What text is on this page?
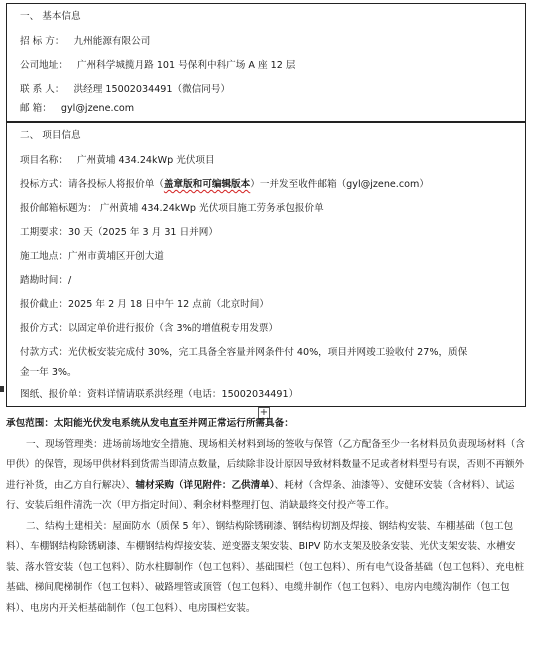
一、 基本信息
招 标 方： 九州能源有限公司
公司地址： 广州科学城揽月路 101 号保利中科广场 A 座 12 层
联 系 人： 洪经理 15002034491（微信同号）
邮 箱： gyl@jzene.com
二、 项目信息
项目名称： 广州黄埔 434.24kWp 光伏项目
投标方式：请各投标人将报价单（盖章版和可编辑版本）一并发至收件邮箱（gyl@jzene.com）
报价邮箱标题为： 广州黄埔 434.24kWp 光伏项目施工劳务承包报价单
工期要求：30 天（2025 年 3 月 31 日并网）
施工地点：广州市黄埔区开创大道
踏勘时间：/
报价截止：2025 年 2 月 18 日中午 12 点前（北京时间）
报价方式：以固定单价进行报价（含 3%的增值税专用发票）
付款方式：光伏板安装完成付 30%，完工具备全容量并网条件付 40%，项目并网竣工验收付 27%，质保
金一年 3%。
图纸、报价单：资料详情请联系洪经理（电话：15002034491）
+

承包范围：太阳能光伏发电系统从发电直至并网正常运行所需具备：

一、现场管理类：进场前场地安全措施、现场相关材料到场的签收与保管（乙方配备至少一名材料员负责现场材料（含甲供）的保管，现场甲供材料到货需当即清点数量，后续除非设计原因导致材料数量不足或者材料型号有误，否则不再额外进行补货，由乙方自行解决）、辅材采购（详见附件：乙供清单）、耗材（含焊条、油漆等）、安健环安装（含材料）、试运行、安装后组件清洗一次（甲方指定时间）、剩余材料整理打包、消缺最终交付投产等工作。

二、结构土建相关：屋面防水（质保 5 年）、钢结构除锈刷漆、钢结构切割及焊接、钢结构安装、车棚基础（包工包料）、车棚钢结构除锈刷漆、车棚钢结构焊接安装、逆变器支架安装、BIPV 防水支架及胶条安装、光伏支架安装、水槽安装、落水管安装（包工包料）、防水柱脚制作（包工包料）、基础围栏（包工包料）、所有电气设备基础（包工包料）、充电桩基础、梯间爬梯制作（包工包料）、破路埋管或顶管（包工包料）、电缆井制作（包工包料）、电房内电缆沟制作（包工包料）、电房内开关柜基础制作（包工包料）、电房围栏安装。
